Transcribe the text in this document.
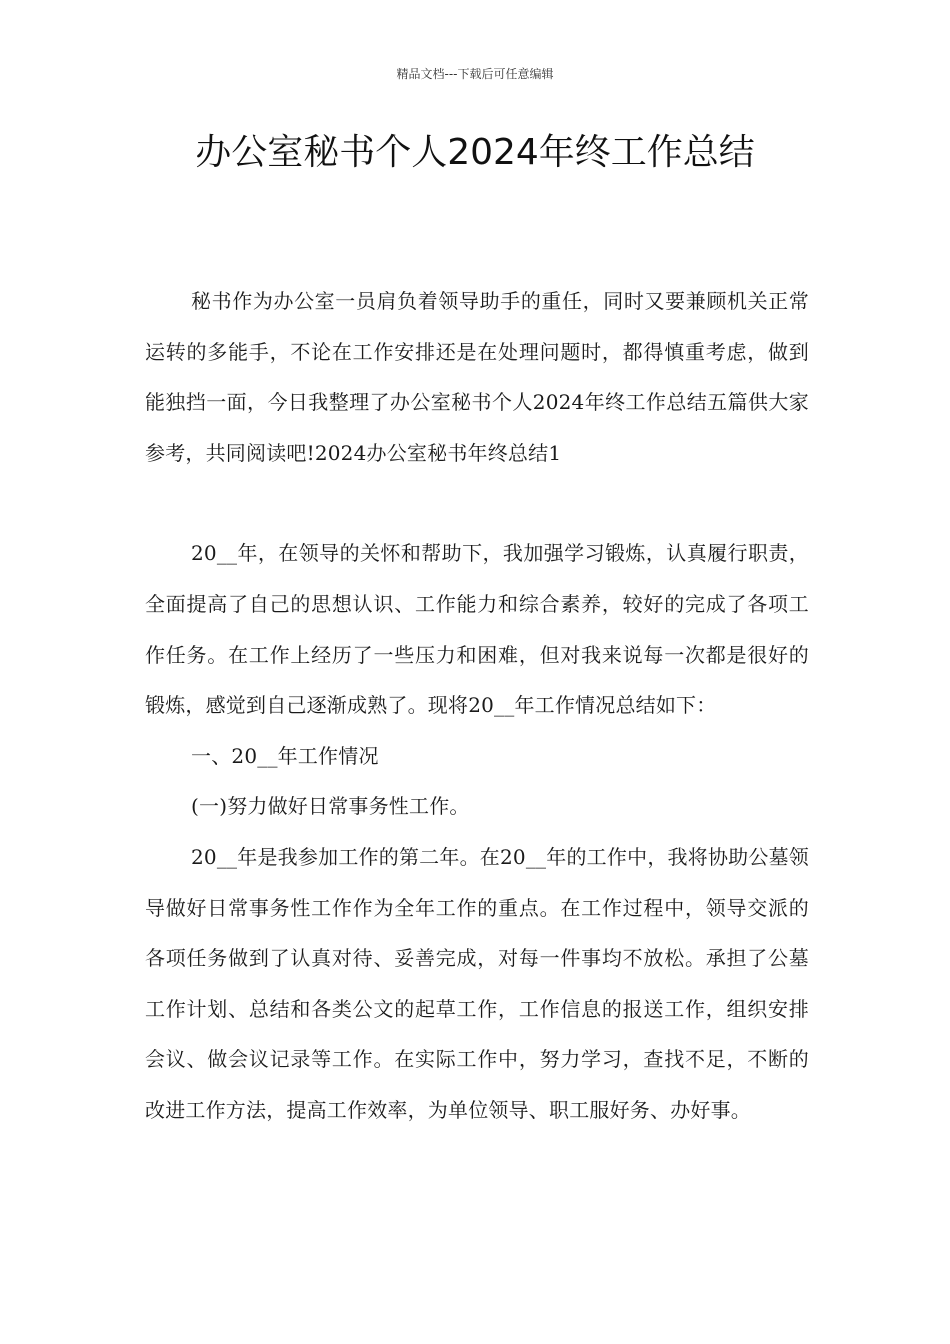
精品文档---下载后可任意编辑
办公室秘书个人2024年终工作总结

秘书作为办公室一员肩负着领导助手的重任，同时又要兼顾机关正常运转的多能手，不论在工作安排还是在处理问题时，都得慎重考虑，做到能独挡一面，今日我整理了办公室秘书个人2024年终工作总结五篇供大家参考，共同阅读吧!2024办公室秘书年终总结1

20__年，在领导的关怀和帮助下，我加强学习锻炼，认真履行职责，全面提高了自己的思想认识、工作能力和综合素养，较好的完成了各项工作任务。在工作上经历了一些压力和困难，但对我来说每一次都是很好的锻炼，感觉到自己逐渐成熟了。现将20__年工作情况总结如下：

一、20__年工作情况

(一)努力做好日常事务性工作。

20__年是我参加工作的第二年。在20__年的工作中，我将协助公墓领导做好日常事务性工作作为全年工作的重点。在工作过程中，领导交派的各项任务做到了认真对待、妥善完成，对每一件事均不放松。承担了公墓工作计划、总结和各类公文的起草工作，工作信息的报送工作，组织安排会议、做会议记录等工作。在实际工作中，努力学习，查找不足，不断的改进工作方法，提高工作效率，为单位领导、职工服好务、办好事。
